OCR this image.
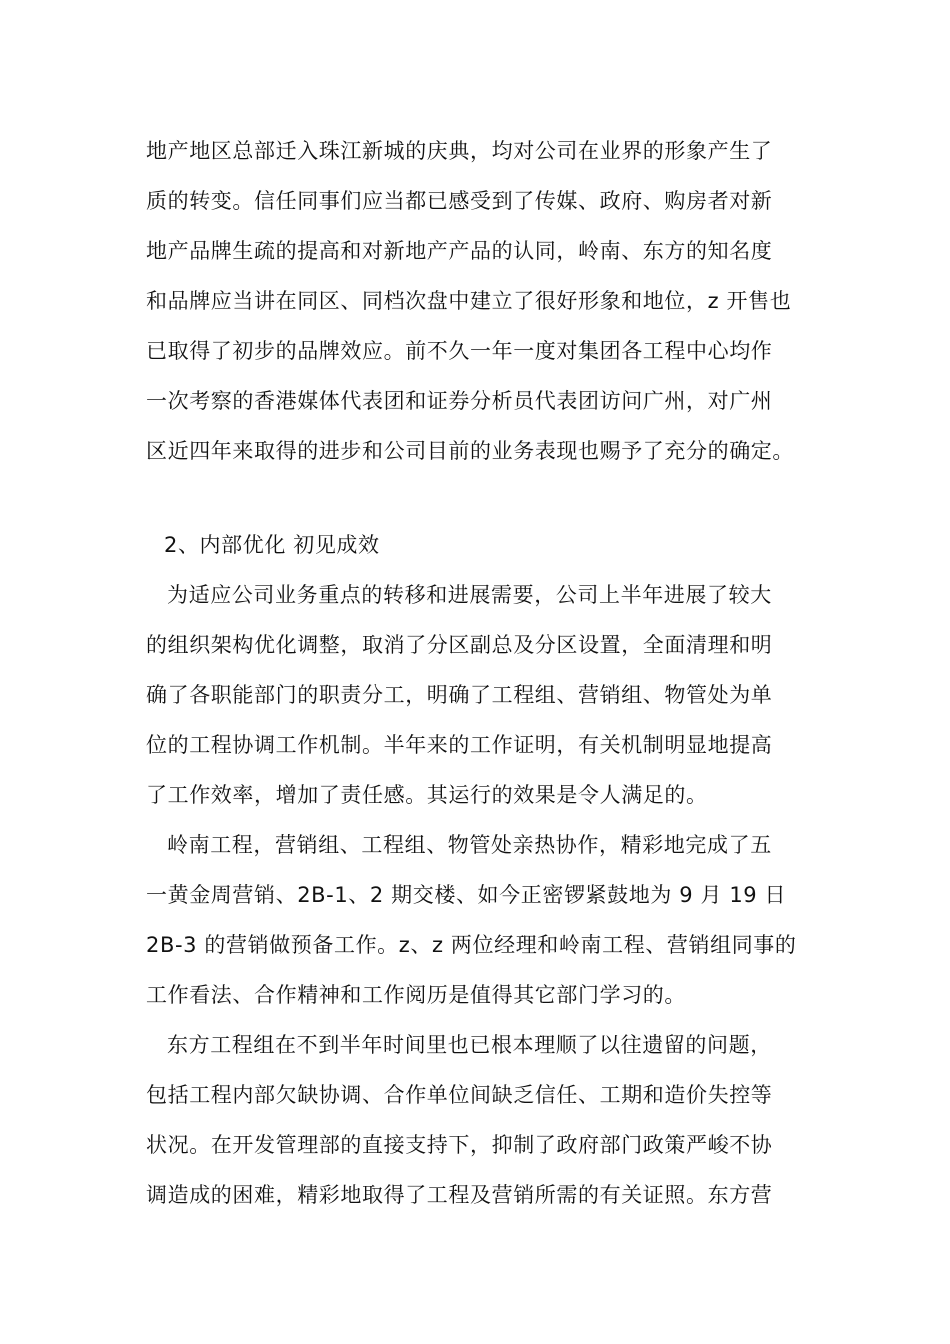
地产地区总部迁入珠江新城的庆典，均对公司在业界的形象产生了
质的转变。信任同事们应当都已感受到了传媒、政府、购房者对新
地产品牌生疏的提高和对新地产产品的认同，岭南、东方的知名度
和品牌应当讲在同区、同档次盘中建立了很好形象和地位，z 开售也
已取得了初步的品牌效应。前不久一年一度对集团各工程中心均作
一次考察的香港媒体代表团和证券分析员代表团访问广州，对广州
区近四年来取得的进步和公司目前的业务表现也赐予了充分的确定。
2、内部优化 初见成效
为适应公司业务重点的转移和进展需要，公司上半年进展了较大
的组织架构优化调整，取消了分区副总及分区设置，全面清理和明
确了各职能部门的职责分工，明确了工程组、营销组、物管处为单
位的工程协调工作机制。半年来的工作证明，有关机制明显地提高
了工作效率，增加了责任感。其运行的效果是令人满足的。
岭南工程，营销组、工程组、物管处亲热协作，精彩地完成了五
一黄金周营销、2B-1、2 期交楼、如今正密锣紧鼓地为 9 月 19 日
2B-3 的营销做预备工作。z、z 两位经理和岭南工程、营销组同事的
工作看法、合作精神和工作阅历是值得其它部门学习的。
东方工程组在不到半年时间里也已根本理顺了以往遗留的问题，
包括工程内部欠缺协调、合作单位间缺乏信任、工期和造价失控等
状况。在开发管理部的直接支持下，抑制了政府部门政策严峻不协
调造成的困难，精彩地取得了工程及营销所需的有关证照。东方营
